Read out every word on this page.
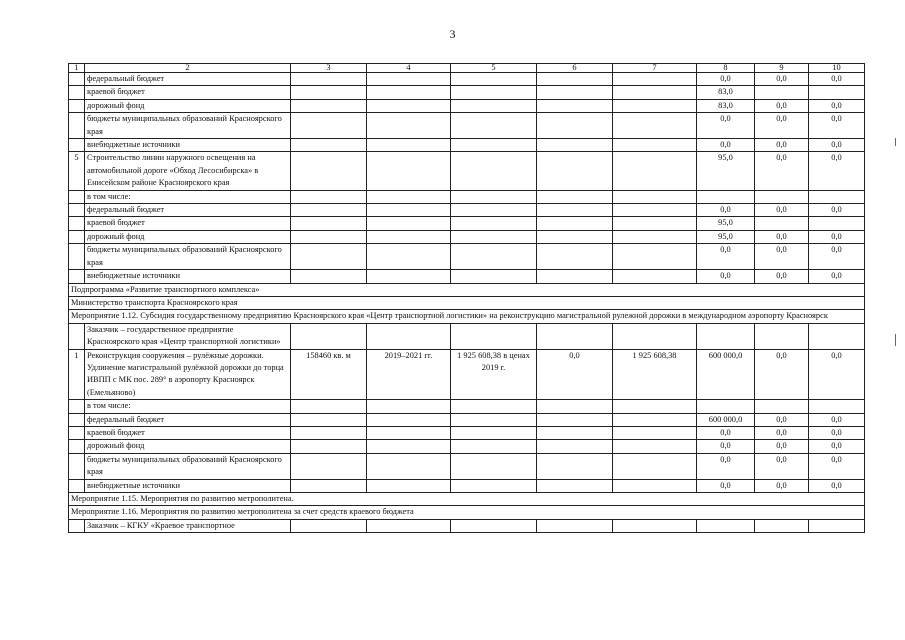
3
1	2	3	4	5	6	7	8	9	10
	федеральный бюджет						0,0	0,0	0,0
	краевой бюджет						83,0		
	дорожный фонд						83,0	0,0	0,0
	бюджеты муниципальных образований Красноярского края						0,0	0,0	0,0
	внебюджетные источники						0,0	0,0	0,0
5	Строительство линии наружного освещения на автомобильной дороге «Обход Лесосибирска» в Енисейском районе Красноярского края						95,0	0,0	0,0
	в том числе:								
	федеральный бюджет						0,0	0,0	0,0
	краевой бюджет						95,0		
	дорожный фонд						95,0	0,0	0,0
	бюджеты муниципальных образований Красноярского края						0,0	0,0	0,0
	внебюджетные источники						0,0	0,0	0,0
Подпрограмма «Развитие транспортного комплекса»									
Министерство транспорта Красноярского края									
Мероприятие 1.12. Субсидия государственному предприятию Красноярского края «Центр транспортной логистики» на реконструкцию магистральной рулежной дорожки в международном аэропорту Красноярск									
	Заказчик – государственное предприятие Красноярского края «Центр транспортной логистики»								
1	Реконструкция сооружения – рулёжные дорожки. Удлинение магистральной рулёжной дорожки до торца ИВПП с МК пос. 289° в аэропорту Красноярск (Емельяново)	158460 кв. м	2019–2021 гг.	1 925 608,38 в ценах 2019 г.	0,0	1 925 608,38	600 000,0	0,0	0,0
	в том числе:								
	федеральный бюджет						600 000,0	0,0	0,0
	краевой бюджет						0,0	0,0	0,0
	дорожный фонд						0,0	0,0	0,0
	бюджеты муниципальных образований Красноярского края						0,0	0,0	0,0
	внебюджетные источники						0,0	0,0	0,0
Мероприятие 1.15. Мероприятия по развитию метрополитена.									
Мероприятие 1.16. Мероприятия по развитию метрополитена за счет средств краевого бюджета									
	Заказчик – КГКУ «Краевое транспортное								
